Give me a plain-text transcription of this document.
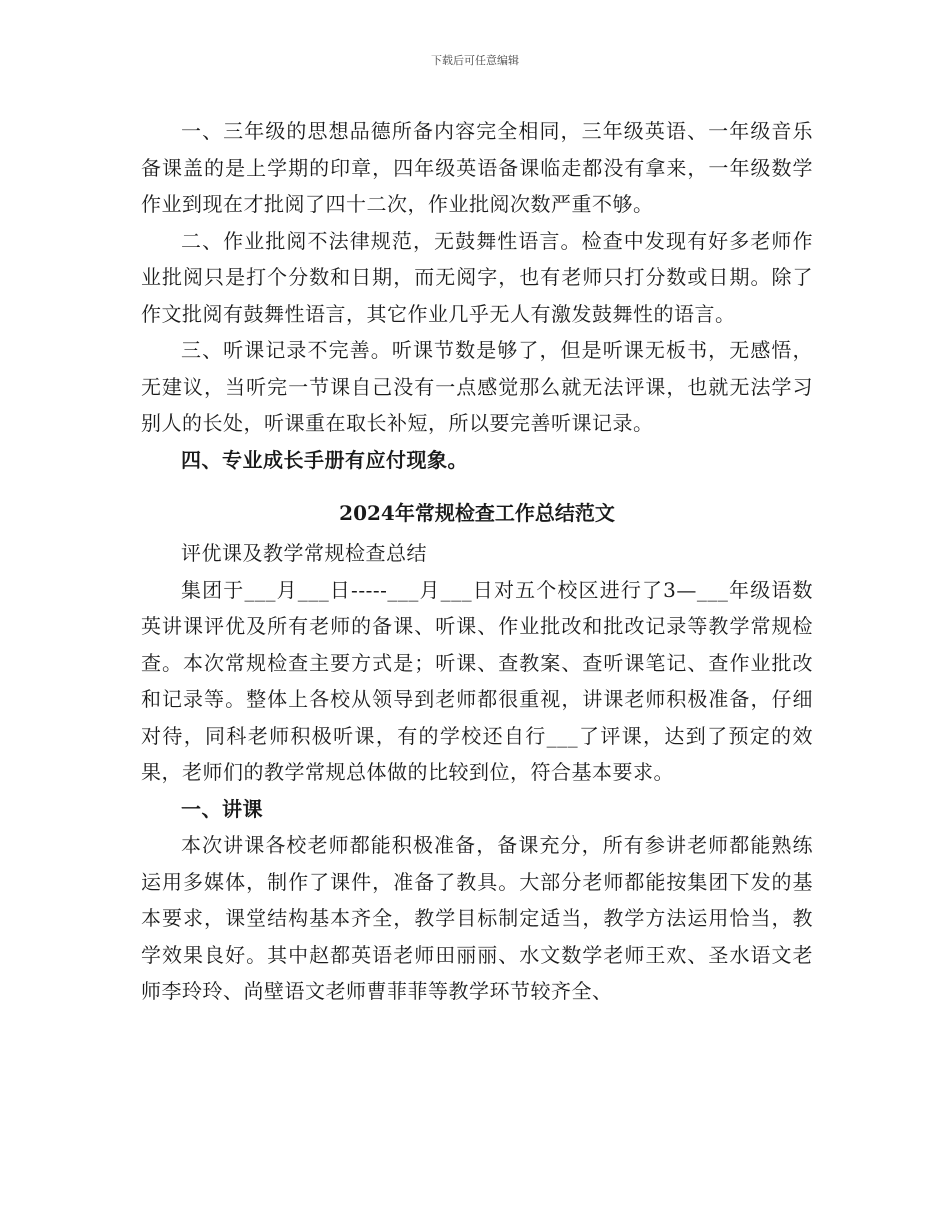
下载后可任意编辑

一、三年级的思想品德所备内容完全相同，三年级英语、一年级音乐备课盖的是上学期的印章，四年级英语备课临走都没有拿来，一年级数学作业到现在才批阅了四十二次，作业批阅次数严重不够。

二、作业批阅不法律规范，无鼓舞性语言。检查中发现有好多老师作业批阅只是打个分数和日期，而无阅字，也有老师只打分数或日期。除了作文批阅有鼓舞性语言，其它作业几乎无人有激发鼓舞性的语言。

三、听课记录不完善。听课节数是够了，但是听课无板书，无感悟，无建议，当听完一节课自己没有一点感觉那么就无法评课，也就无法学习别人的长处，听课重在取长补短，所以要完善听课记录。

四、专业成长手册有应付现象。

2024年常规检查工作总结范文

评优课及教学常规检查总结

集团于___月___日-----___月___日对五个校区进行了3—___年级语数英讲课评优及所有老师的备课、听课、作业批改和批改记录等教学常规检查。本次常规检查主要方式是；听课、查教案、查听课笔记、查作业批改和记录等。整体上各校从领导到老师都很重视，讲课老师积极准备，仔细对待，同科老师积极听课，有的学校还自行___了评课，达到了预定的效果，老师们的教学常规总体做的比较到位，符合基本要求。

一、讲课

本次讲课各校老师都能积极准备，备课充分，所有参讲老师都能熟练运用多媒体，制作了课件，准备了教具。大部分老师都能按集团下发的基本要求，课堂结构基本齐全，教学目标制定适当，教学方法运用恰当，教学效果良好。其中赵都英语老师田丽丽、水文数学老师王欢、圣水语文老师李玲玲、尚壁语文老师曹菲菲等教学环节较齐全、
